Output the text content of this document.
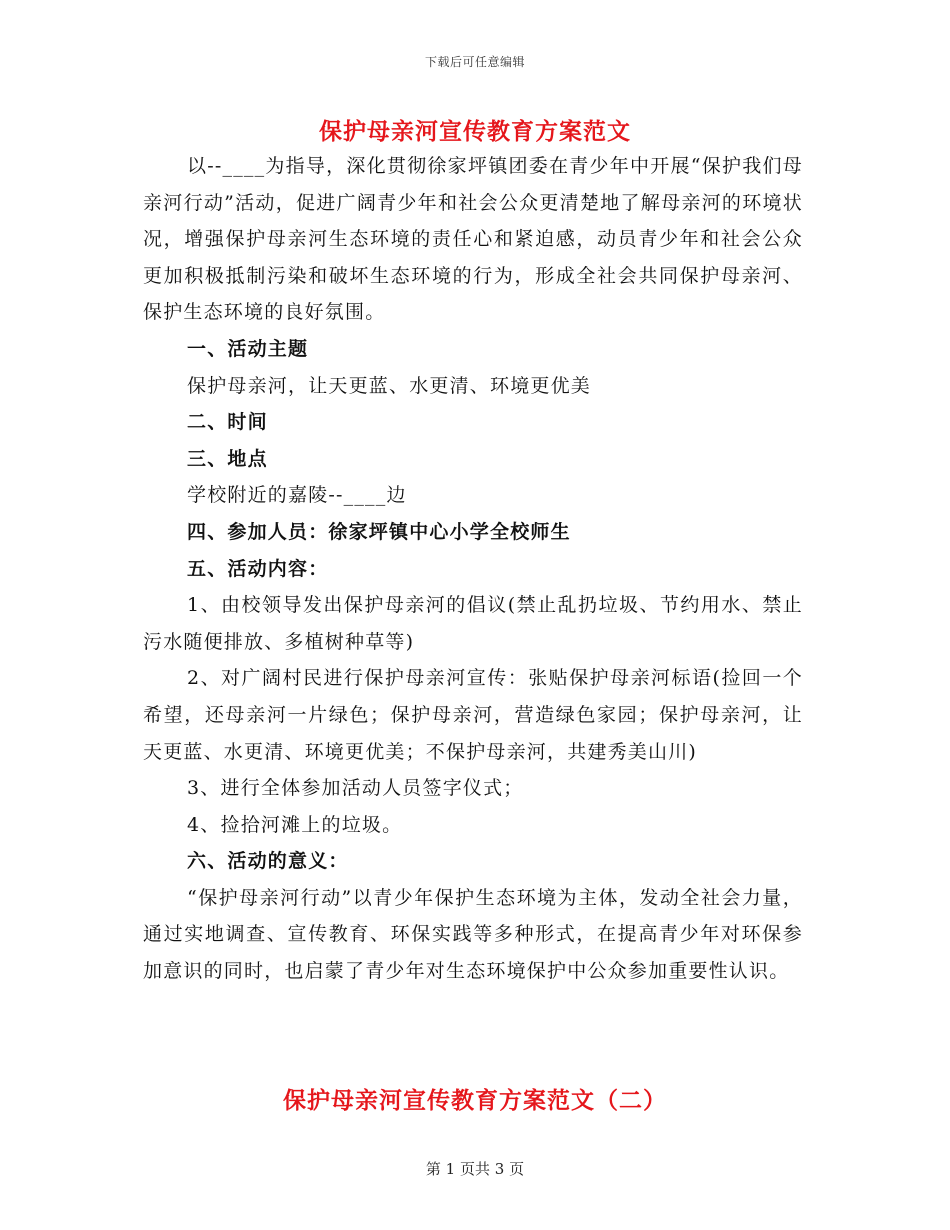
下载后可任意编辑
保护母亲河宣传教育方案范文

以--____为指导，深化贯彻徐家坪镇团委在青少年中开展“保护我们母亲河行动”活动，促进广阔青少年和社会公众更清楚地了解母亲河的环境状况，增强保护母亲河生态环境的责任心和紧迫感，动员青少年和社会公众更加积极抵制污染和破坏生态环境的行为，形成全社会共同保护母亲河、保护生态环境的良好氛围。

一、活动主题

保护母亲河，让天更蓝、水更清、环境更优美

二、时间

三、地点

学校附近的嘉陵--____边

四、参加人员：徐家坪镇中心小学全校师生

五、活动内容：

1、由校领导发出保护母亲河的倡议(禁止乱扔垃圾、节约用水、禁止污水随便排放、多植树种草等)

2、对广阔村民进行保护母亲河宣传：张贴保护母亲河标语(捡回一个希望，还母亲河一片绿色；保护母亲河，营造绿色家园；保护母亲河，让天更蓝、水更清、环境更优美；不保护母亲河，共建秀美山川)

3、进行全体参加活动人员签字仪式；

4、捡拾河滩上的垃圾。

六、活动的意义：

“保护母亲河行动”以青少年保护生态环境为主体，发动全社会力量，通过实地调查、宣传教育、环保实践等多种形式，在提高青少年对环保参加意识的同时，也启蒙了青少年对生态环境保护中公众参加重要性认识。

保护母亲河宣传教育方案范文（二）
第 1 页共 3 页
